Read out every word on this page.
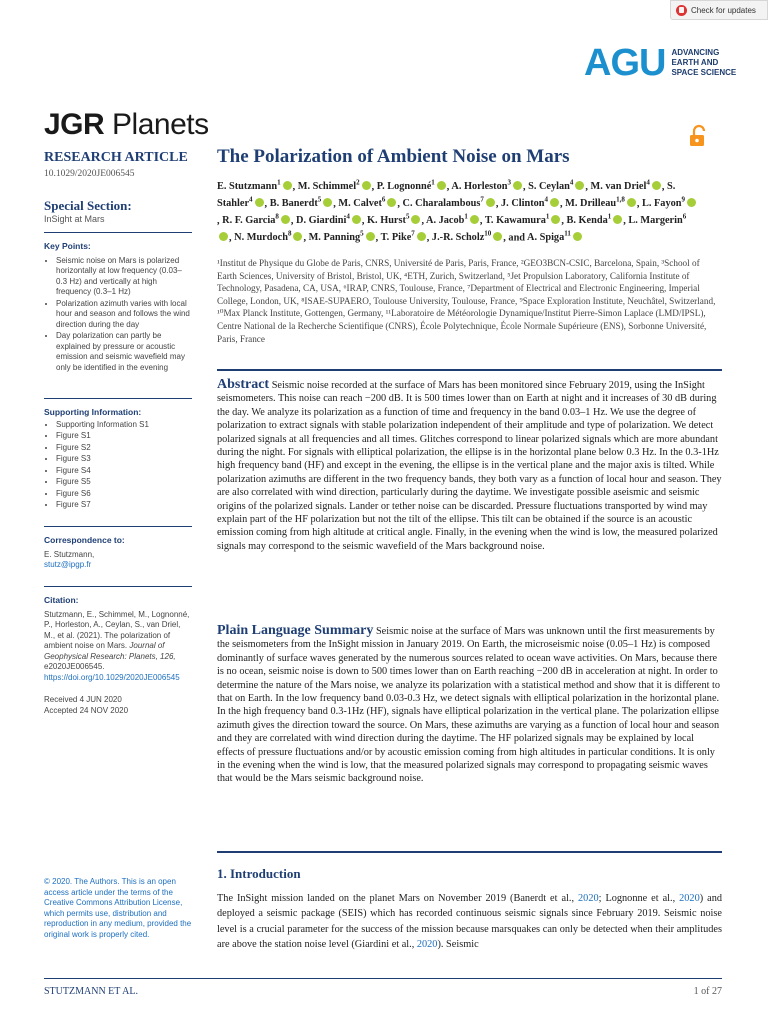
Check for updates
AGU ADVANCING
EARTH AND
SPACE SCIENCE
JGR Planets
RESEARCH ARTICLE
10.1029/2020JE006545
Special Section:
InSight at Mars
Key Points:
• Seismic noise on Mars is polarized horizontally at low frequency (0.03–0.3 Hz) and vertically at high frequency (0.3–1 Hz)
• Polarization azimuth varies with local hour and season and follows the wind direction during the day
• Day polarization can partly be explained by pressure or acoustic emission and seismic wavefield may only be identified in the evening
Supporting Information:
• Supporting Information S1
• Figure S1
• Figure S2
• Figure S3
• Figure S4
• Figure S5
• Figure S6
• Figure S7
Correspondence to:
E. Stutzmann,
stutz@ipgp.fr
Citation:
Stutzmann, E., Schimmel, M., Lognonné, P., Horleston, A., Ceylan, S., van Driel, M., et al. (2021). The polarization of ambient noise on Mars. Journal of Geophysical Research: Planets, 126, e2020JE006545. https://doi.org/10.1029/2020JE006545
Received 4 JUN 2020
Accepted 24 NOV 2020
© 2020. The Authors. This is an open access article under the terms of the Creative Commons Attribution License, which permits use, distribution and reproduction in any medium, provided the original work is properly cited.
The Polarization of Ambient Noise on Mars
E. Stutzmann$^1$ , M. Schimmel$^2$ , P. Lognonné$^1$ , A. Horleston$^3$ , S. Ceylan$^4$ , M. van Driel$^4$ , S. Stahler$^4$ , B. Banerdt$^5$ , M. Calvet$^6$ , C. Charalambous$^7$ , J. Clinton$^4$ , M. Drilleau$^{1,8}$ , L. Fayon$^9$, R. F. Garcia$^8$ , D. Giardini$^4$ , K. Hurst$^5$ , A. Jacob$^1$ , T. Kawamura$^1$ , B. Kenda$^1$ , L. Margerin$^6$, N. Murdoch$^8$ , M. Panning$^5$ , T. Pike$^7$ , J.-R. Scholz$^{10}$ , and A. Spiga$^{11}$
¹Institut de Physique du Globe de Paris, CNRS, Université de Paris, Paris, France, ²GEO3BCN-CSIC, Barcelona, Spain, ³School of Earth Sciences, University of Bristol, Bristol, UK, ⁴ETH, Zurich, Switzerland, ⁵Jet Propulsion Laboratory, California Institute of Technology, Pasadena, CA, USA, ⁶IRAP, CNRS, Toulouse, France, ⁷Department of Electrical and Electronic Engineering, Imperial College, London, UK, ⁸ISAE-SUPAERO, Toulouse University, Toulouse, France, ⁹Space Exploration Institute, Neuchâtel, Switzerland, ¹⁰Max Planck Institute, Gottengen, Germany, ¹¹Laboratoire de Météorologie Dynamique/Institut Pierre-Simon Laplace (LMD/IPSL), Centre National de la Recherche Scientifique (CNRS), École Polytechnique, École Normale Supérieure (ENS), Sorbonne Université, Paris, France
Abstract Seismic noise recorded at the surface of Mars has been monitored since February 2019, using the InSight seismometers. This noise can reach −200 dB. It is 500 times lower than on Earth at night and it increases of 30 dB during the day. We analyze its polarization as a function of time and frequency in the band 0.03–1 Hz. We use the degree of polarization to extract signals with stable polarization independent of their amplitude and type of polarization. We detect polarized signals at all frequencies and all times. Glitches correspond to linear polarized signals which are more abundant during the night. For signals with elliptical polarization, the ellipse is in the horizontal plane below 0.3 Hz. In the 0.3-1Hz high frequency band (HF) and except in the evening, the ellipse is in the vertical plane and the major axis is tilted. While polarization azimuths are different in the two frequency bands, they both vary as a function of local hour and season. They are also correlated with wind direction, particularly during the daytime. We investigate possible aseismic and seismic origins of the polarized signals. Lander or tether noise can be discarded. Pressure fluctuations transported by wind may explain part of the HF polarization but not the tilt of the ellipse. This tilt can be obtained if the source is an acoustic emission coming from high altitude at critical angle. Finally, in the evening when the wind is low, the measured polarized signals may correspond to the seismic wavefield of the Mars background noise.
Plain Language Summary Seismic noise at the surface of Mars was unknown until the first measurements by the seismometers from the InSight mission in January 2019. On Earth, the microseismic noise (0.05–1 Hz) is composed dominantly of surface waves generated by the numerous sources related to ocean wave activities. On Mars, because there is no ocean, seismic noise is down to 500 times lower than on Earth reaching −200 dB in acceleration at night. In order to determine the nature of the Mars noise, we analyze its polarization with a statistical method and show that it is different to that on Earth. In the low frequency band 0.03-0.3 Hz, we detect signals with elliptical polarization in the horizontal plane. In the high frequency band 0.3-1Hz (HF), signals have elliptical polarization in the vertical plane. The polarization ellipse azimuth gives the direction toward the source. On Mars, these azimuths are varying as a function of local hour and season and they are correlated with wind direction during the daytime. The HF polarized signals may be explained by local effects of pressure fluctuations and/or by acoustic emission coming from high altitudes in particular conditions. It is only in the evening when the wind is low, that the measured polarized signals may correspond to propagating seismic waves that would be the Mars seismic background noise.
1. Introduction
The InSight mission landed on the planet Mars on November 2019 (Banerdt et al., 2020; Lognonne et al., 2020) and deployed a seismic package (SEIS) which has recorded continuous seismic signals since February 2019. Seismic noise level is a crucial parameter for the success of the mission because marsquakes can only be detected when their amplitudes are above the station noise level (Giardini et al., 2020). Seismic
STUTZMANN ET AL.	1 of 27
